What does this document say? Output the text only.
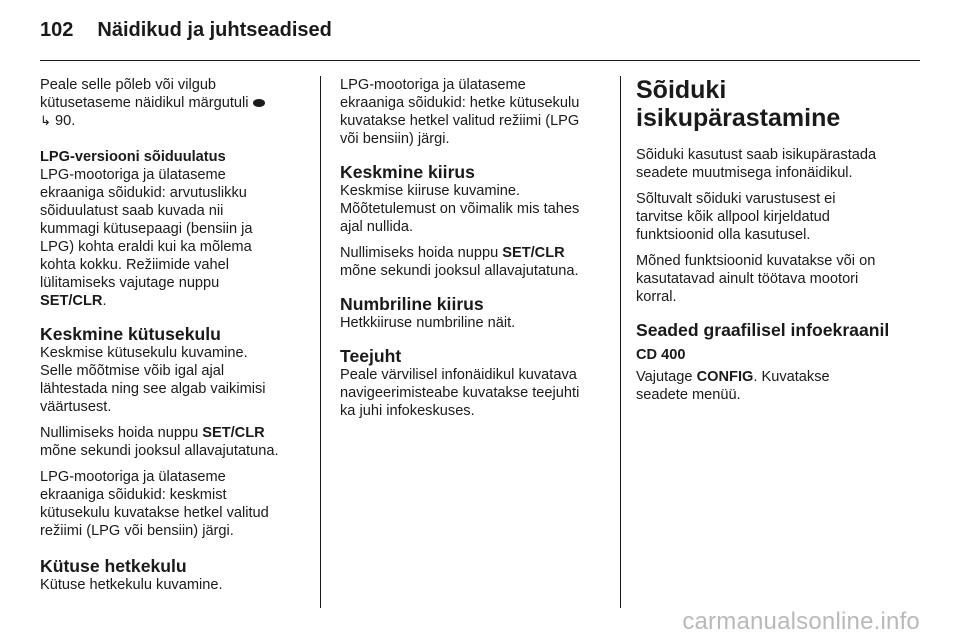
102 Näidikud ja juhtseadised

Peale selle põleb või vilgub
kütusetaseme näidikul märgutuli
↳ 90.

LPG-versiooni sõiduulatus

LPG-mootoriga ja ülataseme
ekraaniga sõidukid: arvutuslikku
sõiduulatust saab kuvada nii
kummagi kütusepaagi (bensiin ja
LPG) kohta eraldi kui ka mõlema
kohta kokku. Režiimide vahel
lülitamiseks vajutage nuppu
SET/CLR.

Keskmine kütusekulu

Keskmise kütusekulu kuvamine.
Selle mõõtmise võib igal ajal
lähtestada ning see algab vaikimisi
väärtusest.

Nullimiseks hoida nuppu SET/CLR
mõne sekundi jooksul allavajutatuna.

LPG-mootoriga ja ülataseme
ekraaniga sõidukid: keskmist
kütusekulu kuvatakse hetkel valitud
režiimi (LPG või bensiin) järgi.

Kütuse hetkekulu

Kütuse hetkekulu kuvamine.

LPG-mootoriga ja ülataseme
ekraaniga sõidukid: hetke kütusekulu
kuvatakse hetkel valitud režiimi (LPG
või bensiin) järgi.

Keskmine kiirus

Keskmise kiiruse kuvamine.
Mõõtetulemust on võimalik mis tahes
ajal nullida.

Nullimiseks hoida nuppu SET/CLR
mõne sekundi jooksul allavajutatuna.

Numbriline kiirus

Hetkkiiruse numbriline näit.

Teejuht

Peale värvilisel infonäidikul kuvatava
navigeerimisteabe kuvatakse teejuhti
ka juhi infokeskuses.

Sõiduki
isikupärastamine

Sõiduki kasutust saab isikupärastada
seadete muutmisega infonäidikul.

Sõltuvalt sõiduki varustusest ei
tarvitse kõik allpool kirjeldatud
funktsioonid olla kasutusel.

Mõned funktsioonid kuvatakse või on
kasutatavad ainult töötava mootori
korral.

Seaded graafilisel infoekraanil
CD 400

Vajutage CONFIG. Kuvatakse
seadete menüü.

carmanualsonline.info
